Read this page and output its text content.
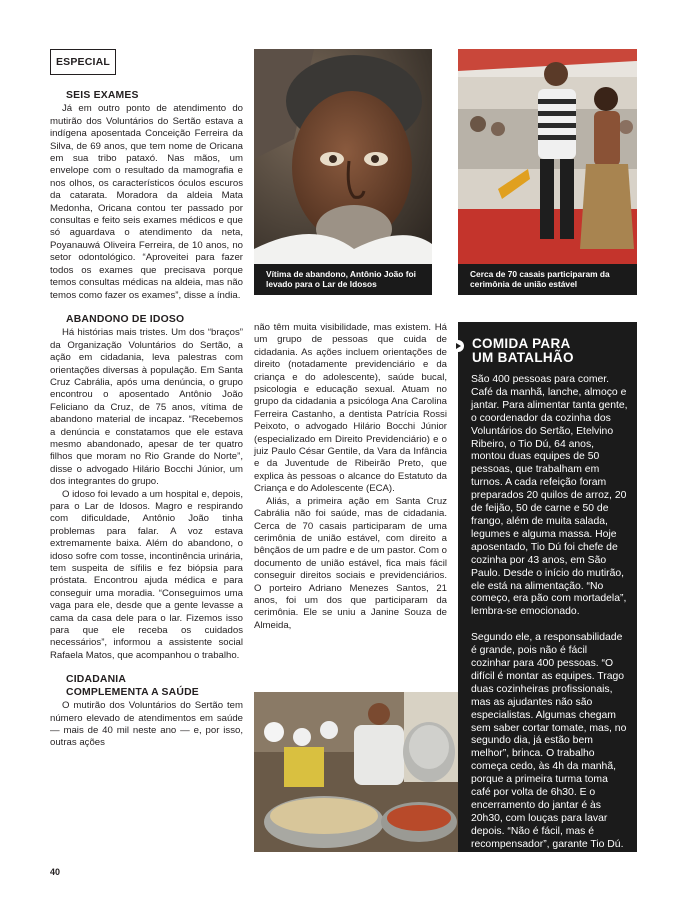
ESPECIAL
SEIS EXAMES

Já em outro ponto de atendimento do mutirão dos Voluntários do Sertão estava a indígena aposentada Conceição Ferreira da Silva, de 69 anos, que tem nome de Oricana em sua tribo pataxó. Nas mãos, um envelope com o resultado da mamografia e nos olhos, os característicos óculos escuros da catarata. Moradora da aldeia Mata Medonha, Oricana contou ter passado por consultas e feito seis exames médicos e que só aguardava o atendimento da neta, Poyanauwá Oliveira Ferreira, de 10 anos, no setor odontológico. “Aproveitei para fazer todos os exames que precisava porque temos consultas médicas na aldeia, mas não temos como fazer os exames”, disse a índia.

ABANDONO DE IDOSO

Há histórias mais tristes. Um dos “braços” da Organização Voluntários do Sertão, a ação em cidadania, leva palestras com orientações diversas à população. Em Santa Cruz Cabrália, após uma denúncia, o grupo encontrou o aposentado Antônio João Feliciano da Cruz, de 75 anos, vítima de abandono material de incapaz. “Recebemos a denúncia e constatamos que ele estava mesmo abandonado, apesar de ter quatro filhos que moram no Rio Grande do Norte”, disse o advogado Hilário Bocchi Júnior, um dos integrantes do grupo.

O idoso foi levado a um hospital e, depois, para o Lar de Idosos. Magro e respirando com dificuldade, Antônio João tinha problemas para falar. A voz estava extremamente baixa. Além do abandono, o idoso sofre com tosse, incontinência urinária, tem suspeita de sífilis e fez biópsia para próstata. Encontrou ajuda médica e para conseguir uma moradia. “Conseguimos uma vaga para ele, desde que a gente levasse a cama da casa dele para o lar. Fizemos isso para que ele receba os cuidados necessários”, informou a assistente social Rafaela Matos, que acompanhou o trabalho.

CIDADANIA
COMPLEMENTA A SAÚDE

O mutirão dos Voluntários do Sertão tem número elevado de atendimentos em saúde — mais de 40 mil neste ano — e, por isso, outras ações

Vítima de abandono, Antônio João foi levado para o Lar de Idosos
Cerca de 70 casais participaram da cerimônia de união estável

não têm muita visibilidade, mas existem. Há um grupo de pessoas que cuida de cidadania. As ações incluem orientações de direito (notadamente previdenciário e da criança e do adolescente), saúde bucal, psicologia e educação sexual. Atuam no grupo da cidadania a psicóloga Ana Carolina Ferreira Castanho, a dentista Patrícia Rossi Peixoto, o advogado Hilário Bocchi Júnior (especializado em Direito Previdenciário) e o juiz Paulo César Gentile, da Vara da Infância e da Juventude de Ribeirão Preto, que explica às pessoas o alcance do Estatuto da Criança e do Adolescente (ECA).

Aliás, a primeira ação em Santa Cruz Cabrália não foi saúde, mas de cidadania. Cerca de 70 casais participaram de uma cerimônia de união estável, com direito a bênçãos de um padre e de um pastor. Com o documento de união estável, fica mais fácil conseguir direitos sociais e previdenciários. O porteiro Adriano Menezes Santos, 21 anos, foi um dos que participaram da cerimônia. Ele se uniu a Janine Souza de Almeida,

COMIDA PARA
UM BATALHÃO

São 400 pessoas para comer. Café da manhã, lanche, almoço e jantar. Para alimentar tanta gente, o coordenador da cozinha dos Voluntários do Sertão, Etelvino Ribeiro, o Tio Dú, 64 anos, montou duas equipes de 50 pessoas, que trabalham em turnos. A cada refeição foram preparados 20 quilos de arroz, 20 de feijão, 50 de carne e 50 de frango, além de muita salada, legumes e alguma massa. Hoje aposentado, Tio Dú foi chefe de cozinha por 43 anos, em São Paulo. Desde o início do mutirão, ele está na alimentação. “No começo, era pão com mortadela”, lembra-se emocionado.

Segundo ele, a responsabilidade é grande, pois não é fácil cozinhar para 400 pessoas. “O difícil é montar as equipes. Trago duas cozinheiras profissionais, mas as ajudantes não são especialistas. Algumas chegam sem saber cortar tomate, mas, no segundo dia, já estão bem melhor”, brinca. O trabalho começa cedo, às 4h da manhã, porque a primeira turma toma café por volta de 6h30. E o encerramento do jantar é às 20h30, com louças para lavar depois. “Não é fácil, mas é recompensador”, garante Tio Dú.

40
